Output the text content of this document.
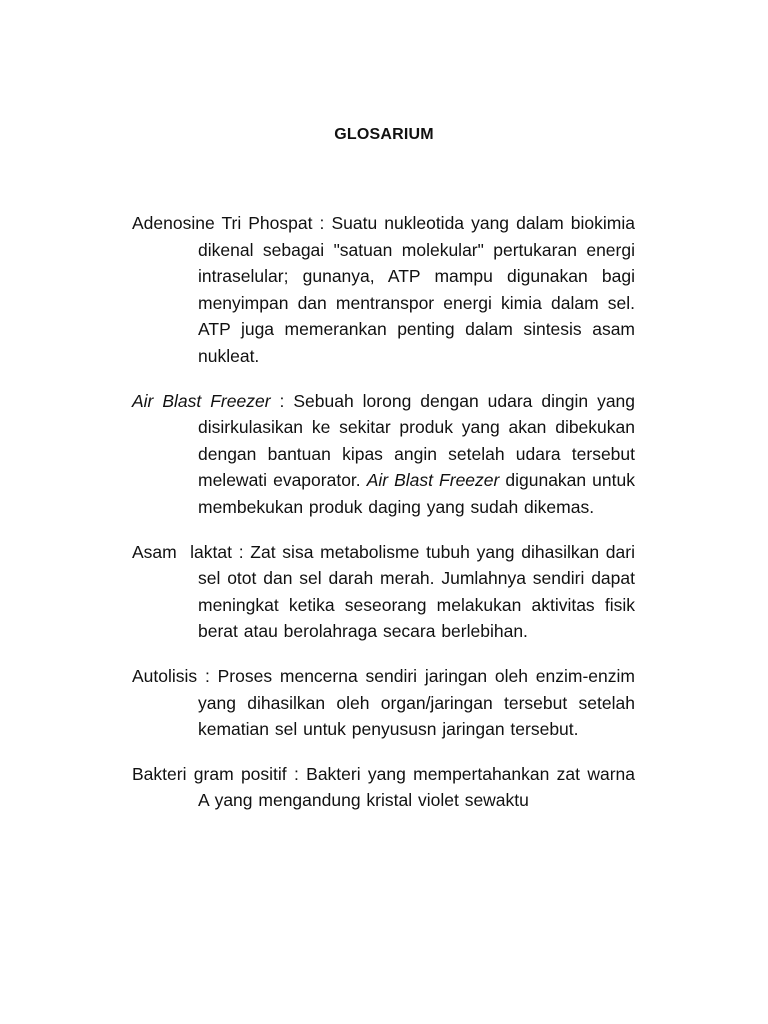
GLOSARIUM

Adenosine Tri Phospat : Suatu nukleotida yang dalam biokimia dikenal sebagai "satuan molekular" pertukaran energi intraselular; gunanya, ATP mampu digunakan bagi menyimpan dan mentranspor energi kimia dalam sel. ATP juga memerankan penting dalam sintesis asam nukleat.

Air Blast Freezer : Sebuah lorong dengan udara dingin yang disirkulasikan ke sekitar produk yang akan dibekukan dengan bantuan kipas angin setelah udara tersebut melewati evaporator. Air Blast Freezer digunakan untuk membekukan produk daging yang sudah dikemas.

Asam  laktat : Zat sisa metabolisme tubuh yang dihasilkan dari sel otot dan sel darah merah. Jumlahnya sendiri dapat meningkat ketika seseorang melakukan aktivitas fisik berat atau berolahraga secara berlebihan.

Autolisis : Proses mencerna sendiri jaringan oleh enzim-enzim yang dihasilkan oleh organ/jaringan tersebut setelah kematian sel untuk penyususn jaringan tersebut.

Bakteri gram positif : Bakteri yang mempertahankan zat warna A yang mengandung kristal violet sewaktu
